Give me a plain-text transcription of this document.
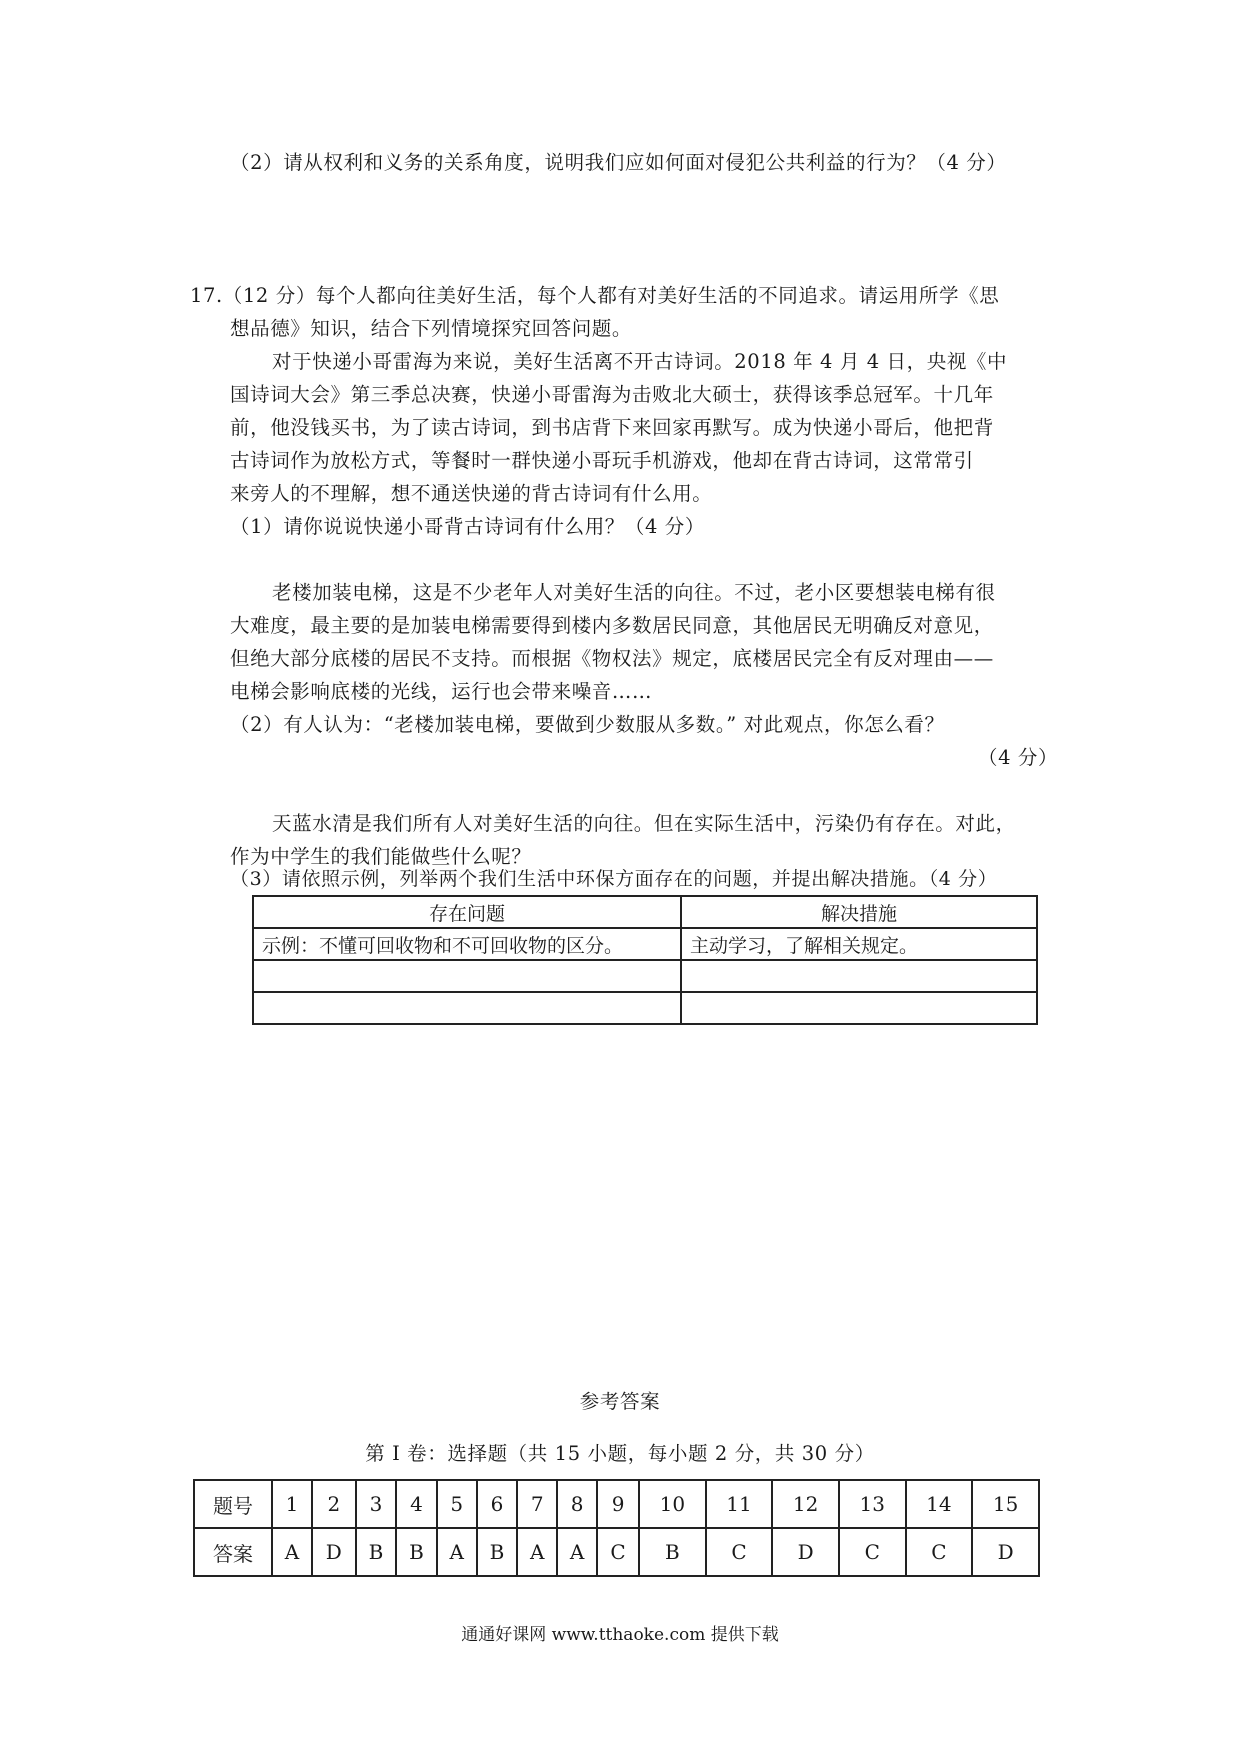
（2）请从权利和义务的关系角度，说明我们应如何面对侵犯公共利益的行为？（4 分）
17.（12 分）每个人都向往美好生活，每个人都有对美好生活的不同追求。请运用所学《思
想品德》知识，结合下列情境探究回答问题。
对于快递小哥雷海为来说，美好生活离不开古诗词。2018 年 4 月 4 日，央视《中
国诗词大会》第三季总决赛，快递小哥雷海为击败北大硕士，获得该季总冠军。十几年
前，他没钱买书，为了读古诗词，到书店背下来回家再默写。成为快递小哥后，他把背
古诗词作为放松方式，等餐时一群快递小哥玩手机游戏，他却在背古诗词，这常常引
来旁人的不理解，想不通送快递的背古诗词有什么用。
（1）请你说说快递小哥背古诗词有什么用？（4 分）
老楼加装电梯，这是不少老年人对美好生活的向往。不过，老小区要想装电梯有很
大难度，最主要的是加装电梯需要得到楼内多数居民同意，其他居民无明确反对意见，
但绝大部分底楼的居民不支持。而根据《物权法》规定，底楼居民完全有反对理由——
电梯会影响底楼的光线，运行也会带来噪音……
（2）有人认为：“老楼加装电梯，要做到少数服从多数。” 对此观点，你怎么看？
（4 分）
天蓝水清是我们所有人对美好生活的向往。但在实际生活中，污染仍有存在。对此，
作为中学生的我们能做些什么呢？
（3）请依照示例，列举两个我们生活中环保方面存在的问题，并提出解决措施。（4 分）
存在问题	解决措施
示例：不懂可回收物和不可回收物的区分。	主动学习，了解相关规定。

参考答案
第 I 卷：选择题（共 15 小题，每小题 2 分，共 30 分）
题号	1	2	3	4	5	6	7	8	9	10	11	12	13	14	15
答案	A	D	B	B	A	B	A	A	C	B	C	D	C	C	D
通通好课网 www.tthaoke.com 提供下载
